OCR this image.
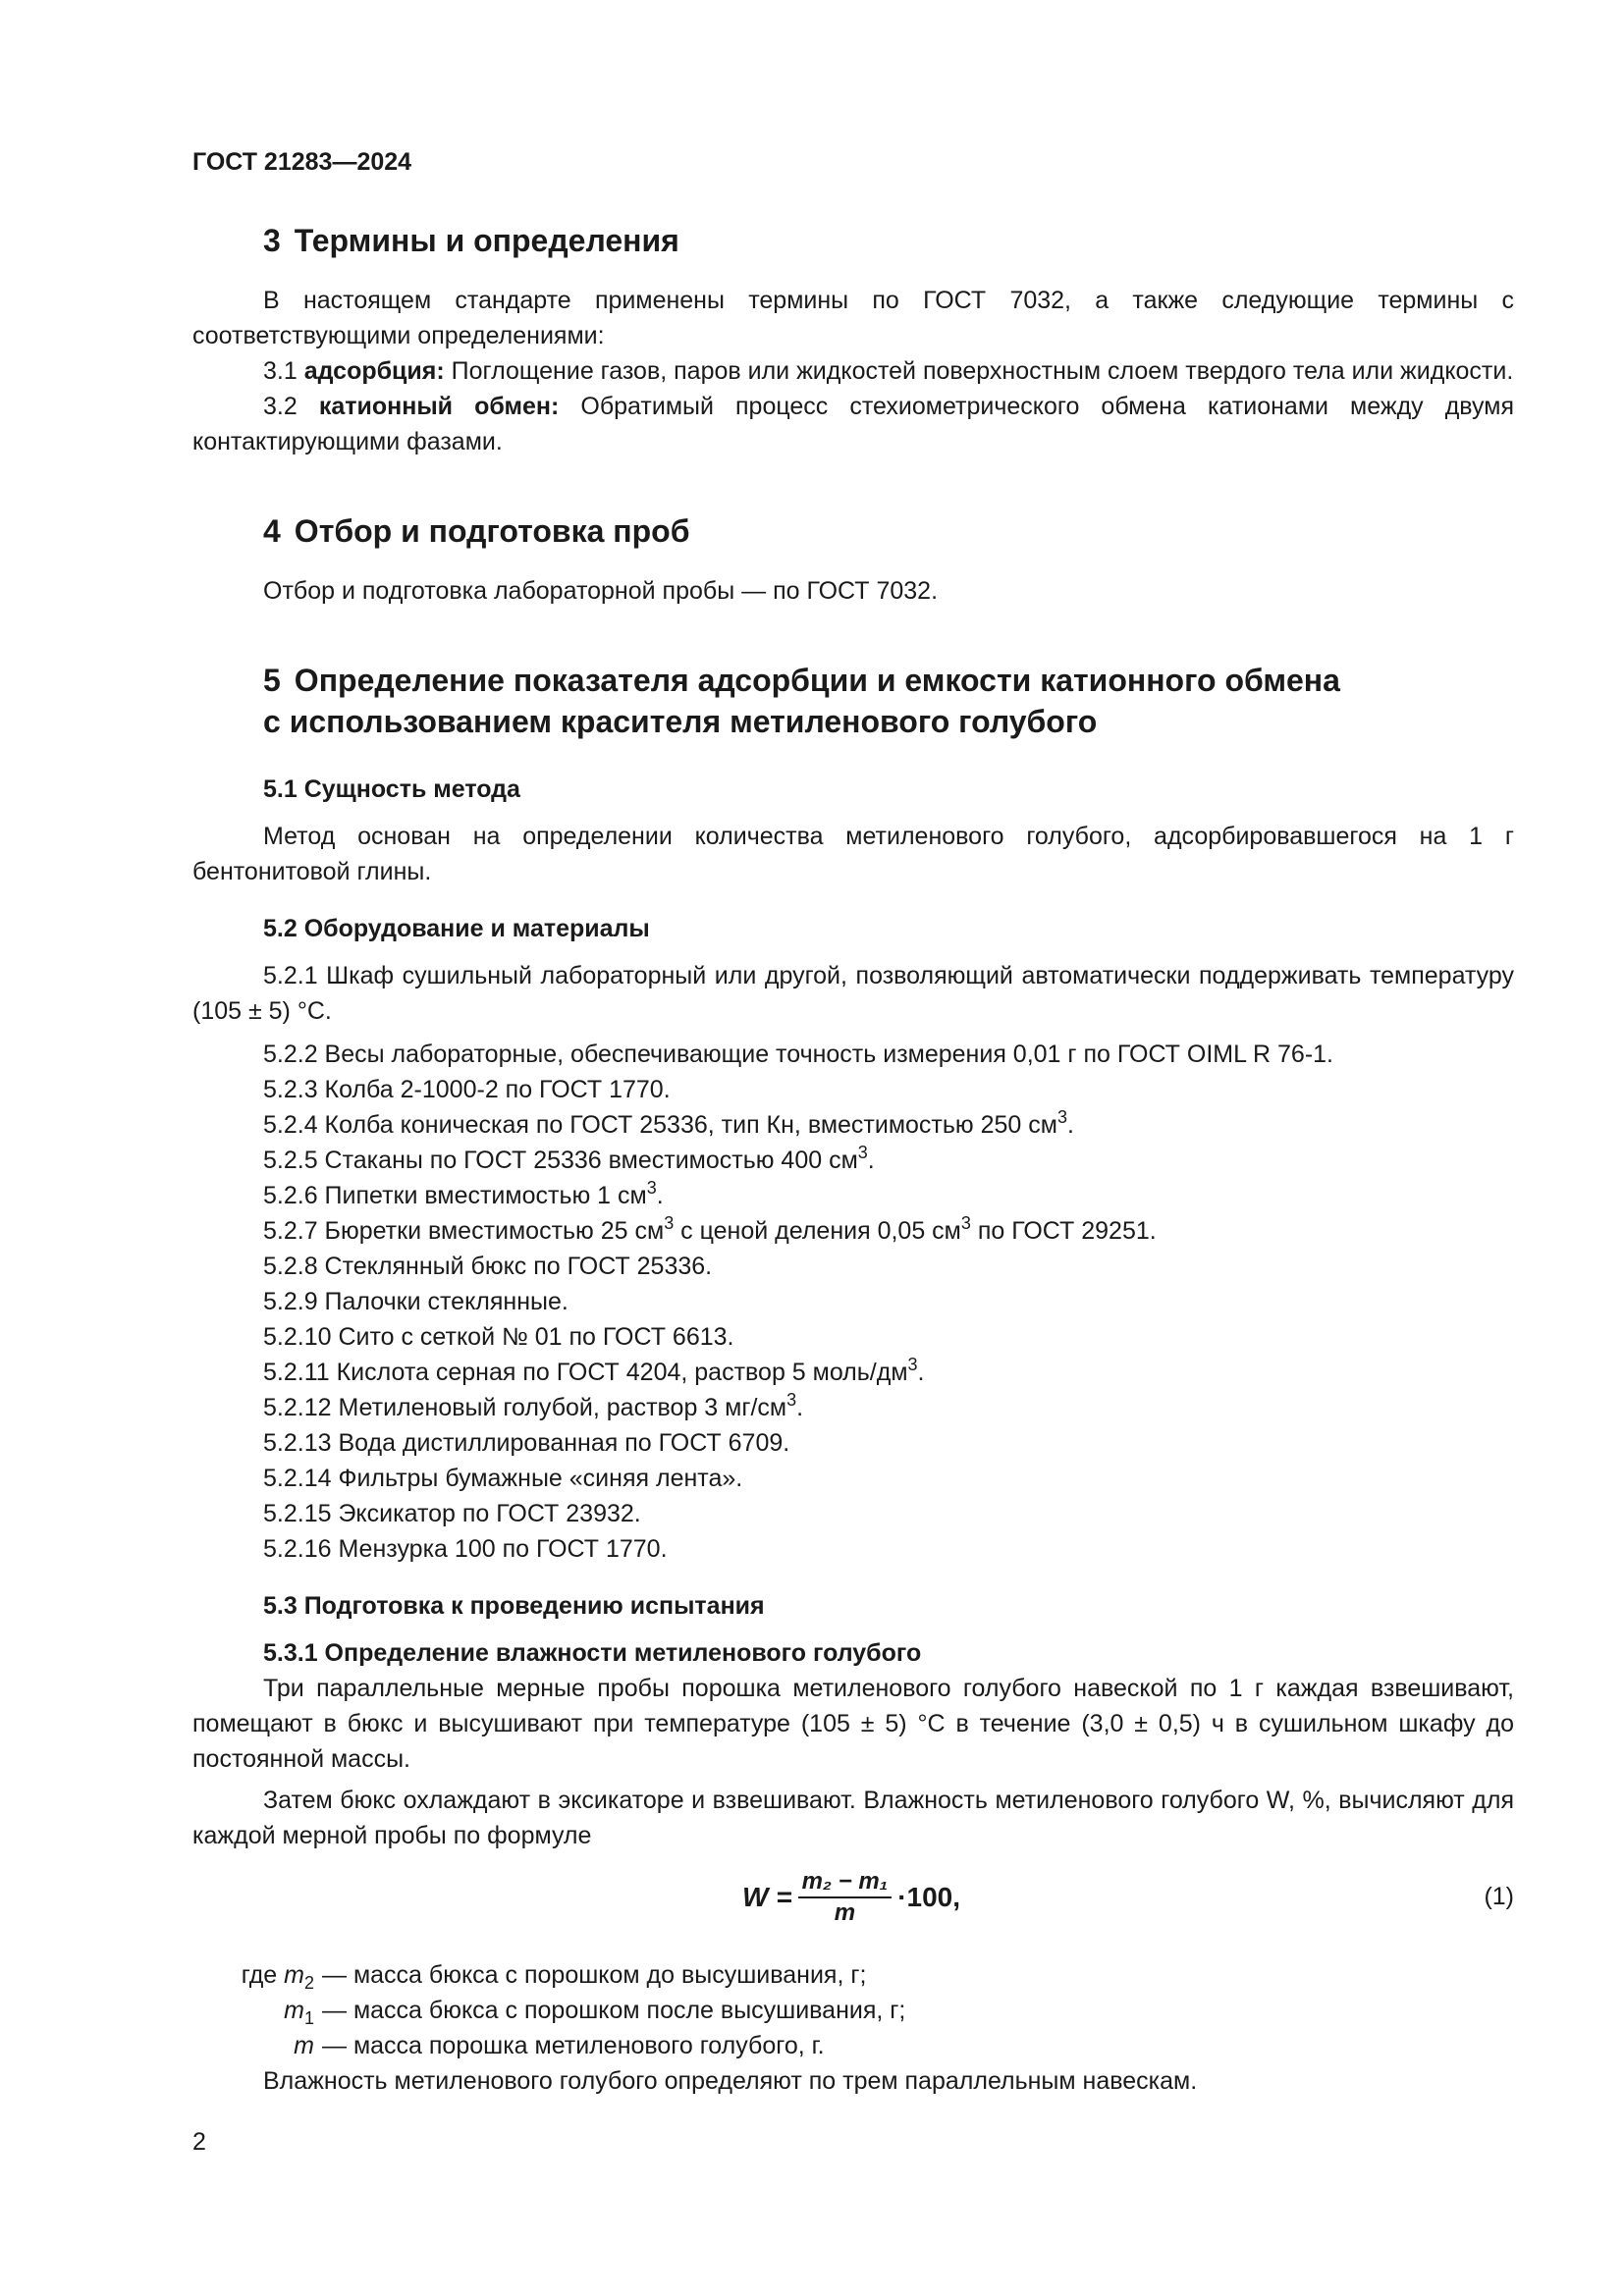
ГОСТ 21283—2024
3 Термины и определения

В настоящем стандарте применены термины по ГОСТ 7032, а также следующие термины с соответствующими определениями:

3.1 адсорбция: Поглощение газов, паров или жидкостей поверхностным слоем твердого тела или жидкости.

3.2 катионный обмен: Обратимый процесс стехиометрического обмена катионами между двумя контактирующими фазами.

4 Отбор и подготовка проб

Отбор и подготовка лабораторной пробы — по ГОСТ 7032.

5 Определение показателя адсорбции и емкости катионного обмена
с использованием красителя метиленового голубого
5.1 Сущность метода

Метод основан на определении количества метиленового голубого, адсорбировавшегося на 1 г бентонитовой глины.

5.2 Оборудование и материалы

5.2.1 Шкаф сушильный лабораторный или другой, позволяющий автоматически поддерживать температуру (105 ± 5) °С.

5.2.2 Весы лабораторные, обеспечивающие точность измерения 0,01 г по ГОСТ OIML R 76-1.
5.2.3 Колба 2-1000-2 по ГОСТ 1770.
5.2.4 Колба коническая по ГОСТ 25336, тип Кн, вместимостью 250 $см^3$.
5.2.5 Стаканы по ГОСТ 25336 вместимостью 400 $см^3$.
5.2.6 Пипетки вместимостью 1 $см^3$.
5.2.7 Бюретки вместимостью 25 $см^3$ с ценой деления 0,05 $см^3$ по ГОСТ 29251.
5.2.8 Стеклянный бюкс по ГОСТ 25336.
5.2.9 Палочки стеклянные.
5.2.10 Сито с сеткой № 01 по ГОСТ 6613.
5.2.11 Кислота серная по ГОСТ 4204, раствор 5 моль/$дм^3$.
5.2.12 Метиленовый голубой, раствор 3 $мг/см^3$.
5.2.13 Вода дистиллированная по ГОСТ 6709.
5.2.14 Фильтры бумажные «синяя лента».
5.2.15 Эксикатор по ГОСТ 23932.
5.2.16 Мензурка 100 по ГОСТ 1770.
5.3 Подготовка к проведению испытания
5.3.1 Определение влажности метиленового голубого

Три параллельные мерные пробы порошка метиленового голубого навеской по 1 г каждая взвешивают, помещают в бюкс и высушивают при температуре (105 ± 5) °С в течение (3,0 ± 0,5) ч в сушильном шкафу до постоянной массы.

Затем бюкс охлаждают в эксикаторе и взвешивают. Влажность метиленового голубого W, %, вычисляют для каждой мерной пробы по формуле

$W = \frac{\text{m₂ − m₁}}{m} \cdot 100$,	(1)
где $m_2$ — масса бюкса с порошком до высушивания, г;
$m_1$ — масса бюкса с порошком после высушивания, г;
m — масса порошка метиленового голубого, г.

Влажность метиленового голубого определяют по трем параллельным навескам.

2
